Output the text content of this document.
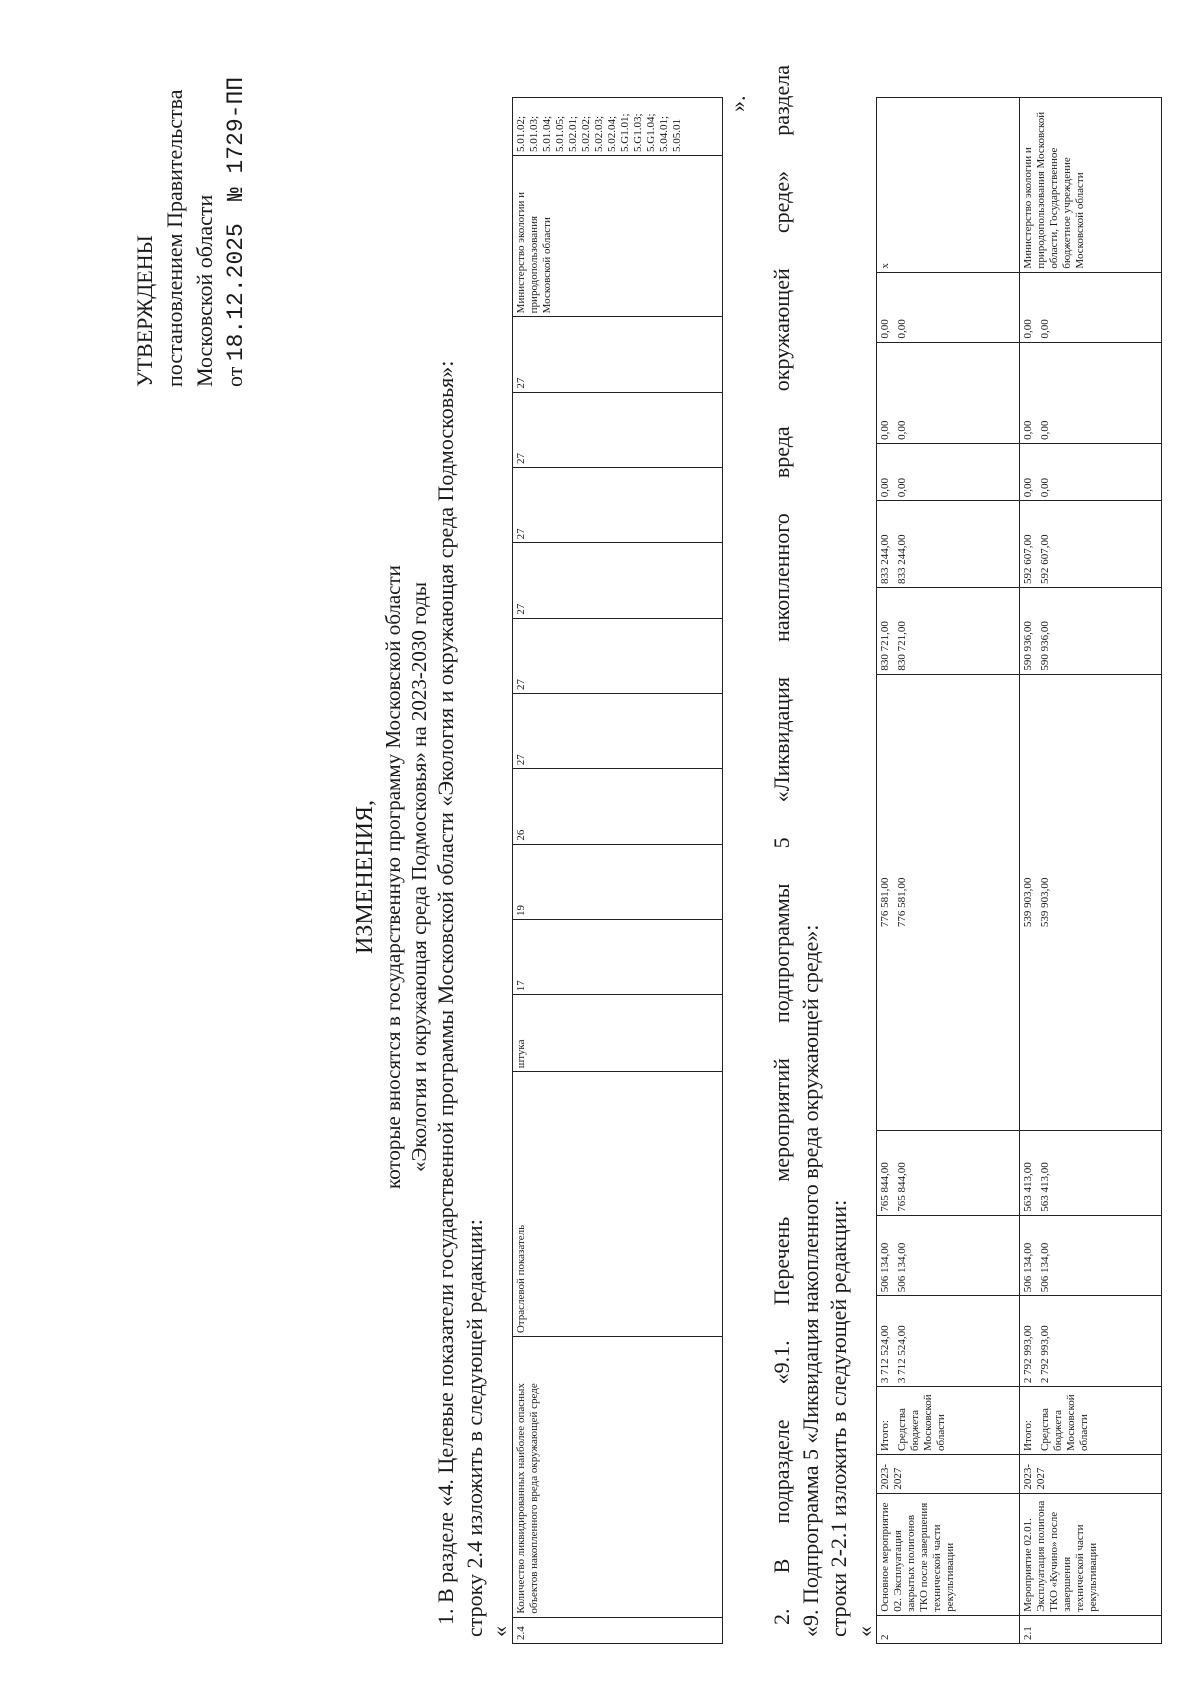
УТВЕРЖДЕНЫ постановлением Правительства Московской области от 18.12.2025    № 1729-ПП
ИЗМЕНЕНИЯ, которые вносятся в государственную программу Московской области «Экология и окружающая среда Подмосковья» на 2023-2030 годы 1. В разделе «4. Целевые показатели государственной программы Московской области «Экология и окружающая среда Подмосковья»: строку 2.4 изложить в следующей редакции: « 2.4	Количество ликвидированных наиболее опасных объектов накопленного вреда окружающей среде	Отраслевой показатель	штука	17	19	26	27	27	27	27	27	27	Министерство экологии и природопользования Московской области	5.01.02; 5.01.03; 5.01.04; 5.01.05; 5.02.01; 5.02.02; 5.02.03; 5.02.04; 5.G1.01; 5.G1.03; 5.G1.04; 5.04.01; 5.05.01
». 2. В подразделе «9.1. Перечень мероприятий подпрограммы 5 «Ликвидация накопленного вреда окружающей среде» раздела «9. Подпрограмма 5 «Ликвидация накопленного вреда окружающей среде»: строки 2-2.1 изложить в следующей редакции: «
2	Основное мероприятие 02. Эксплуатация закрытых полигонов ТКО после завершения технической части рекультивации	2023-2027	Итого:	3 712 524,00	506 134,00	765 844,00	776 581,00	830 721,00	833 244,00	0,00	0,00	0,00	х
			Средства бюджета Московской области	3 712 524,00	506 134,00	765 844,00	776 581,00	830 721,00	833 244,00	0,00	0,00	0,00	
2.1	Мероприятие 02.01. Эксплуатация полигона ТКО «Кучино» после завершения технической части рекультивации	2023-2027	Итого:	2 792 993,00	506 134,00	563 413,00	539 903,00	590 936,00	592 607,00	0,00	0,00	0,00	Министерство экологии и природопользования Московской области, Государственное бюджетное учреждение Московской области
			Средства бюджета Московской области	2 792 993,00	506 134,00	563 413,00	539 903,00	590 936,00	592 607,00	0,00	0,00	0,00	
